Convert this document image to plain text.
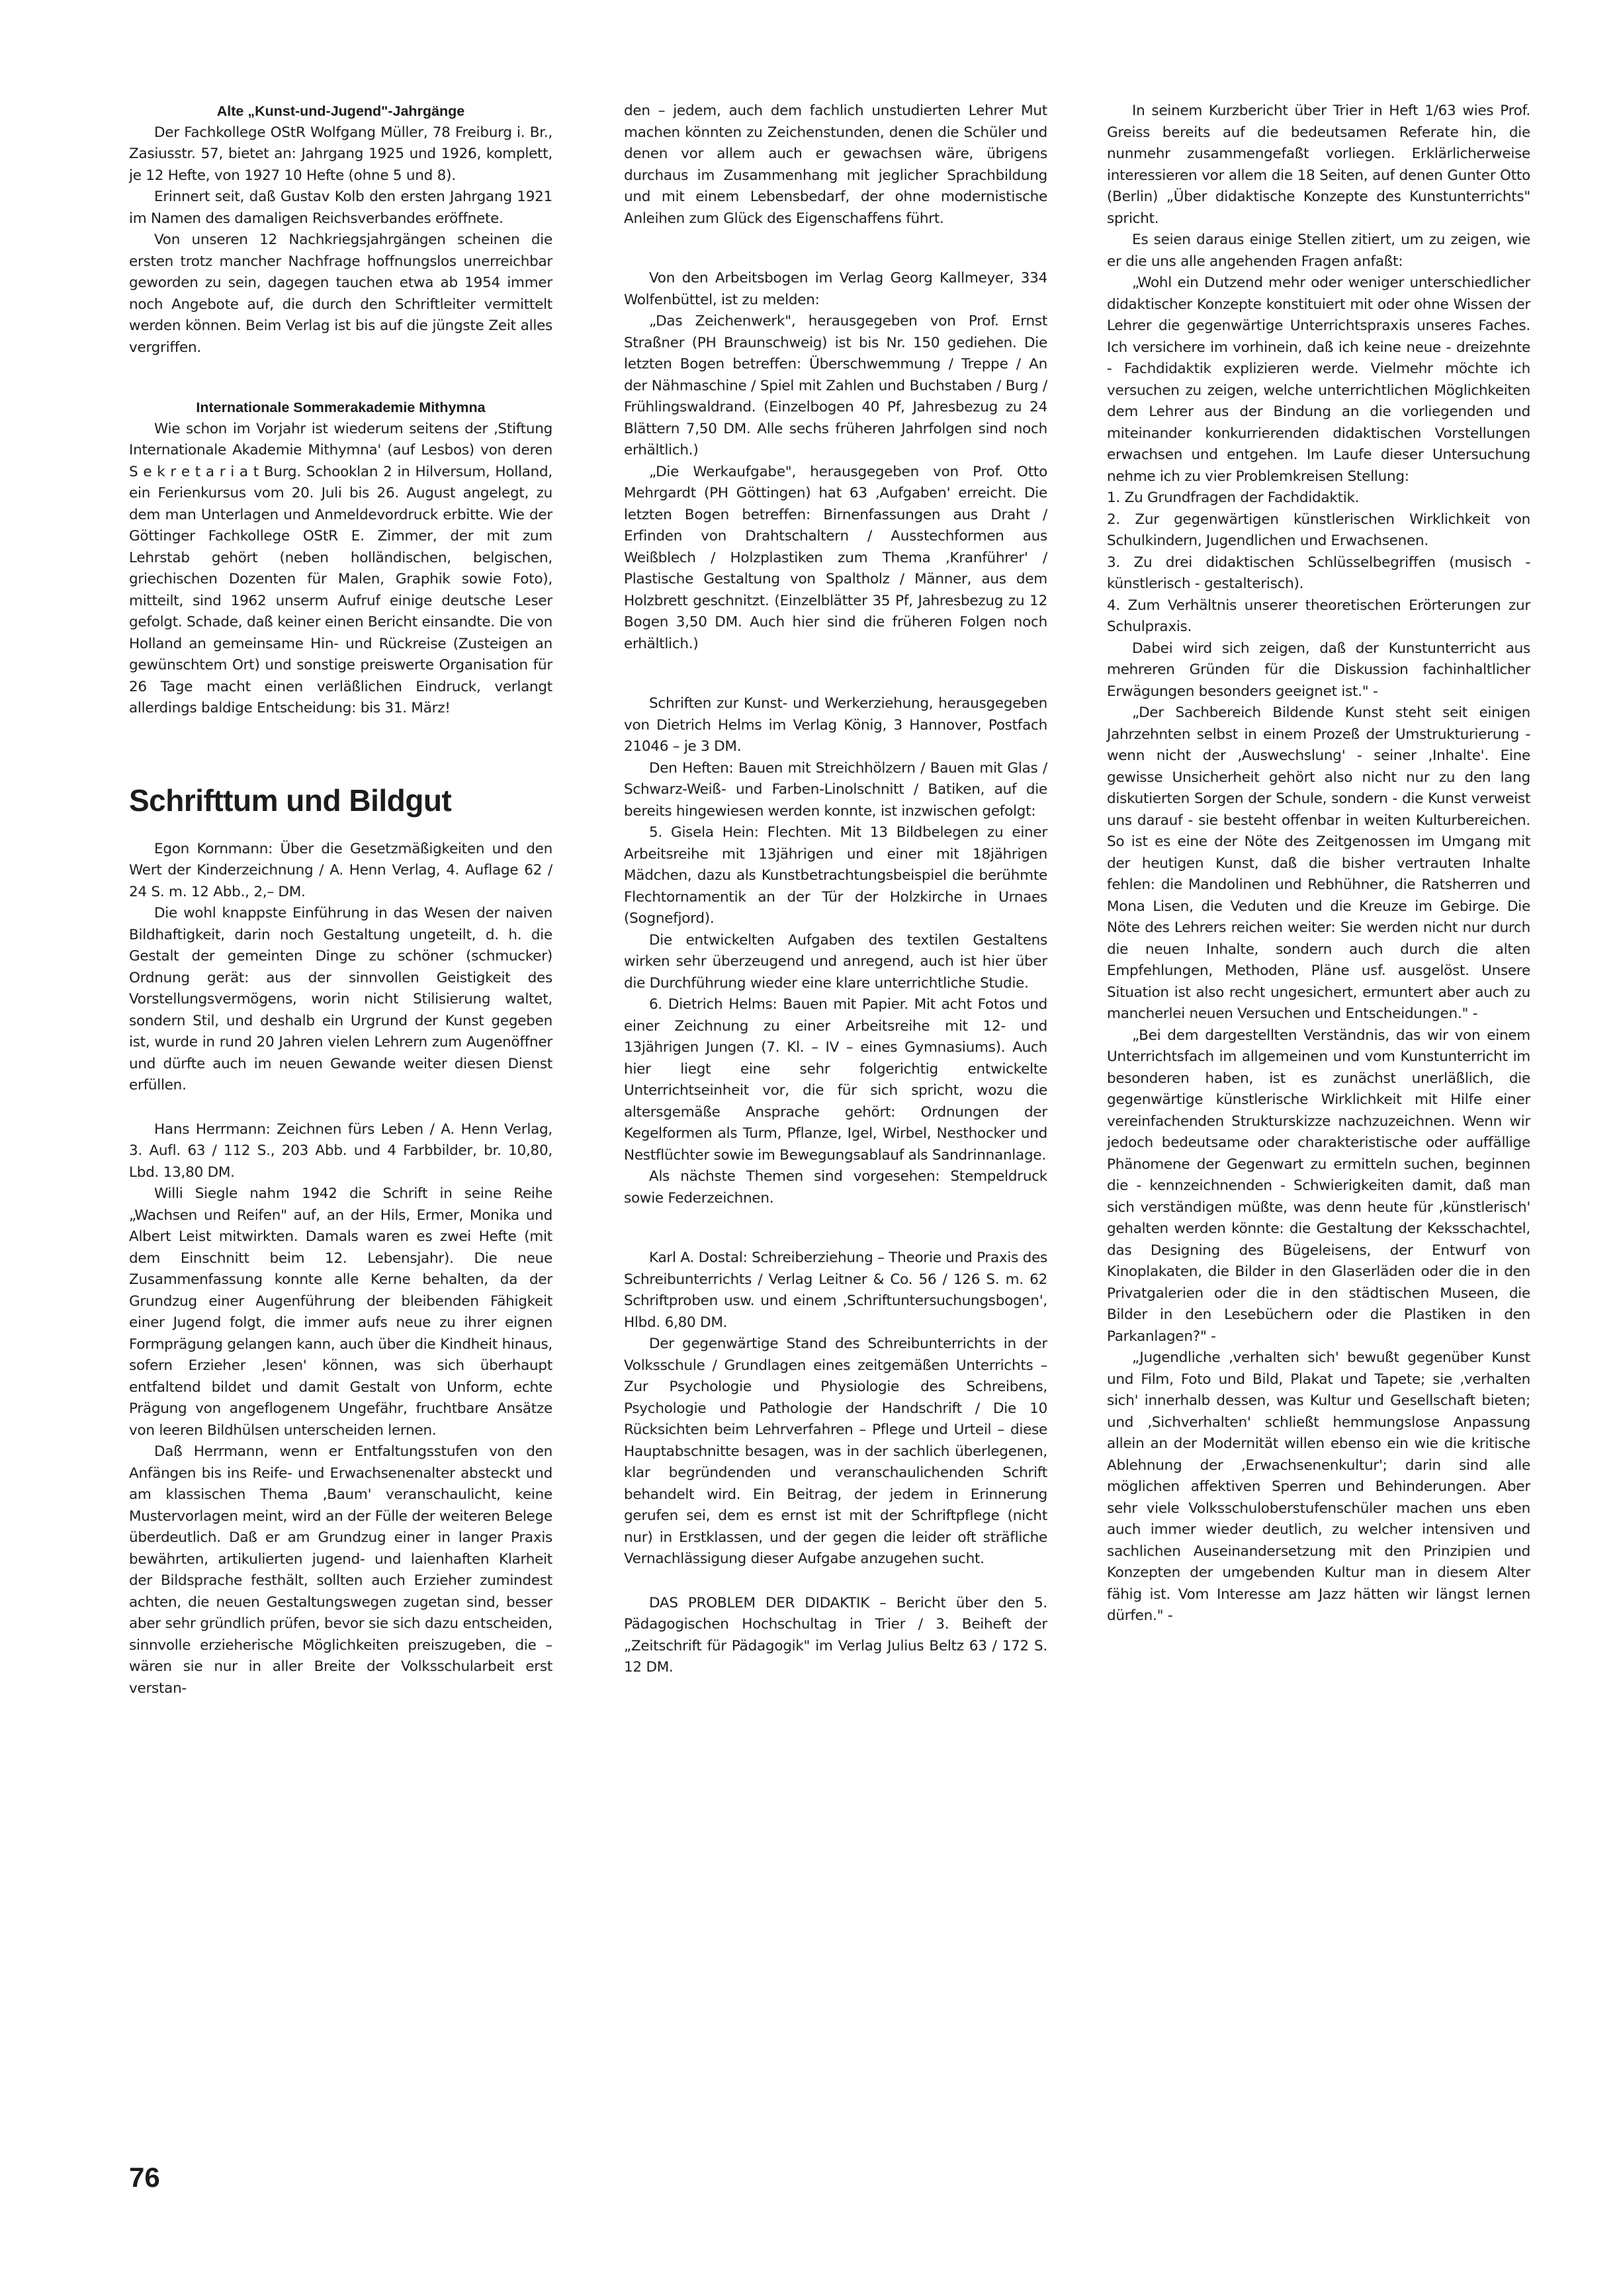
Alte „Kunst-und-Jugend"-Jahrgänge

Der Fachkollege OStR Wolfgang Müller, 78 Freiburg i. Br., Zasiusstr. 57, bietet an: Jahrgang 1925 und 1926, komplett, je 12 Hefte, von 1927 10 Hefte (ohne 5 und 8).

Erinnert seit, daß Gustav Kolb den ersten Jahrgang 1921 im Namen des damaligen Reichsverbandes eröffnete.

Von unseren 12 Nachkriegsjahrgängen scheinen die ersten trotz mancher Nachfrage hoffnungslos unerreichbar geworden zu sein, dagegen tauchen etwa ab 1954 immer noch Angebote auf, die durch den Schriftleiter vermittelt werden können. Beim Verlag ist bis auf die jüngste Zeit alles vergriffen.

Internationale Sommerakademie Mithymna

Wie schon im Vorjahr ist wiederum seitens der ‚Stiftung Internationale Akademie Mithymna' (auf Lesbos) von deren S e k r e t a r i a t Burg. Schooklan 2 in Hilversum, Holland, ein Ferienkursus vom 20. Juli bis 26. August angelegt, zu dem man Unterlagen und Anmeldevordruck erbitte. Wie der Göttinger Fachkollege OStR E. Zimmer, der mit zum Lehrstab gehört (neben holländischen, belgischen, griechischen Dozenten für Malen, Graphik sowie Foto), mitteilt, sind 1962 unserm Aufruf einige deutsche Leser gefolgt. Schade, daß keiner einen Bericht einsandte. Die von Holland an gemeinsame Hin- und Rückreise (Zusteigen an gewünschtem Ort) und sonstige preiswerte Organisation für 26 Tage macht einen verläßlichen Eindruck, verlangt allerdings baldige Entscheidung: bis 31. März!

Schrifttum und Bildgut

Egon Kornmann: Über die Gesetzmäßigkeiten und den Wert der Kinderzeichnung / A. Henn Verlag, 4. Auflage 62 / 24 S. m. 12 Abb., 2,– DM.

Die wohl knappste Einführung in das Wesen der naiven Bildhaftigkeit, darin noch Gestaltung ungeteilt, d. h. die Gestalt der gemeinten Dinge zu schöner (schmucker) Ordnung gerät: aus der sinnvollen Geistigkeit des Vorstellungsvermögens, worin nicht Stilisierung waltet, sondern Stil, und deshalb ein Urgrund der Kunst gegeben ist, wurde in rund 20 Jahren vielen Lehrern zum Augenöffner und dürfte auch im neuen Gewande weiter diesen Dienst erfüllen.

Hans Herrmann: Zeichnen fürs Leben / A. Henn Verlag, 3. Aufl. 63 / 112 S., 203 Abb. und 4 Farbbilder, br. 10,80, Lbd. 13,80 DM.

Willi Siegle nahm 1942 die Schrift in seine Reihe „Wachsen und Reifen" auf, an der Hils, Ermer, Monika und Albert Leist mitwirkten. Damals waren es zwei Hefte (mit dem Einschnitt beim 12. Lebensjahr). Die neue Zusammenfassung konnte alle Kerne behalten, da der Grundzug einer Augenführung der bleibenden Fähigkeit einer Jugend folgt, die immer aufs neue zu ihrer eignen Formprägung gelangen kann, auch über die Kindheit hinaus, sofern Erzieher ‚lesen' können, was sich überhaupt entfaltend bildet und damit Gestalt von Unform, echte Prägung von angeflogenem Ungefähr, fruchtbare Ansätze von leeren Bildhülsen unterscheiden lernen.

Daß Herrmann, wenn er Entfaltungsstufen von den Anfängen bis ins Reife- und Erwachsenenalter absteckt und am klassischen Thema ‚Baum' veranschaulicht, keine Mustervorlagen meint, wird an der Fülle der weiteren Belege überdeutlich. Daß er am Grundzug einer in langer Praxis bewährten, artikulierten jugend- und laienhaften Klarheit der Bildsprache festhält, sollten auch Erzieher zumindest achten, die neuen Gestaltungswegen zugetan sind, besser aber sehr gründlich prüfen, bevor sie sich dazu entscheiden, sinnvolle erzieherische Möglichkeiten preiszugeben, die – wären sie nur in aller Breite der Volksschularbeit erst verstan-

den – jedem, auch dem fachlich unstudierten Lehrer Mut machen könnten zu Zeichenstunden, denen die Schüler und denen vor allem auch er gewachsen wäre, übrigens durchaus im Zusammenhang mit jeglicher Sprachbildung und mit einem Lebensbedarf, der ohne modernistische Anleihen zum Glück des Eigenschaffens führt.

Von den Arbeitsbogen im Verlag Georg Kallmeyer, 334 Wolfenbüttel, ist zu melden:

„Das Zeichenwerk", herausgegeben von Prof. Ernst Straßner (PH Braunschweig) ist bis Nr. 150 gediehen. Die letzten Bogen betreffen: Überschwemmung / Treppe / An der Nähmaschine / Spiel mit Zahlen und Buchstaben / Burg / Frühlingswaldrand. (Einzelbogen 40 Pf, Jahresbezug zu 24 Blättern 7,50 DM. Alle sechs früheren Jahrfolgen sind noch erhältlich.)

„Die Werkaufgabe", herausgegeben von Prof. Otto Mehrgardt (PH Göttingen) hat 63 ‚Aufgaben' erreicht. Die letzten Bogen betreffen: Birnenfassungen aus Draht / Erfinden von Drahtschaltern / Ausstechformen aus Weißblech / Holzplastiken zum Thema ‚Kranführer' / Plastische Gestaltung von Spaltholz / Männer, aus dem Holzbrett geschnitzt. (Einzelblätter 35 Pf, Jahresbezug zu 12 Bogen 3,50 DM. Auch hier sind die früheren Folgen noch erhältlich.)

Schriften zur Kunst- und Werkerziehung, herausgegeben von Dietrich Helms im Verlag König, 3 Hannover, Postfach 21046 – je 3 DM.

Den Heften: Bauen mit Streichhölzern / Bauen mit Glas / Schwarz-Weiß- und Farben-Linolschnitt / Batiken, auf die bereits hingewiesen werden konnte, ist inzwischen gefolgt:

5. Gisela Hein: Flechten. Mit 13 Bildbelegen zu einer Arbeitsreihe mit 13jährigen und einer mit 18jährigen Mädchen, dazu als Kunstbetrachtungsbeispiel die berühmte Flechtornamentik an der Tür der Holzkirche in Urnaes (Sognefjord).

Die entwickelten Aufgaben des textilen Gestaltens wirken sehr überzeugend und anregend, auch ist hier über die Durchführung wieder eine klare unterrichtliche Studie.

6. Dietrich Helms: Bauen mit Papier. Mit acht Fotos und einer Zeichnung zu einer Arbeitsreihe mit 12- und 13jährigen Jungen (7. Kl. – IV – eines Gymnasiums). Auch hier liegt eine sehr folgerichtig entwickelte Unterrichtseinheit vor, die für sich spricht, wozu die altersgemäße Ansprache gehört: Ordnungen der Kegelformen als Turm, Pflanze, Igel, Wirbel, Nesthocker und Nestflüchter sowie im Bewegungsablauf als Sandrinnanlage.

Als nächste Themen sind vorgesehen: Stempeldruck sowie Federzeichnen.

Karl A. Dostal: Schreiberziehung – Theorie und Praxis des Schreibunterrichts / Verlag Leitner & Co. 56 / 126 S. m. 62 Schriftproben usw. und einem ‚Schriftuntersuchungsbogen', Hlbd. 6,80 DM.

Der gegenwärtige Stand des Schreibunterrichts in der Volksschule / Grundlagen eines zeitgemäßen Unterrichts – Zur Psychologie und Physiologie des Schreibens, Psychologie und Pathologie der Handschrift / Die 10 Rücksichten beim Lehrverfahren – Pflege und Urteil – diese Hauptabschnitte besagen, was in der sachlich überlegenen, klar begründenden und veranschaulichenden Schrift behandelt wird. Ein Beitrag, der jedem in Erinnerung gerufen sei, dem es ernst ist mit der Schriftpflege (nicht nur) in Erstklassen, und der gegen die leider oft sträfliche Vernachlässigung dieser Aufgabe anzugehen sucht.

DAS PROBLEM DER DIDAKTIK – Bericht über den 5. Pädagogischen Hochschultag in Trier / 3. Beiheft der „Zeitschrift für Pädagogik" im Verlag Julius Beltz 63 / 172 S. 12 DM.

In seinem Kurzbericht über Trier in Heft 1/63 wies Prof. Greiss bereits auf die bedeutsamen Referate hin, die nunmehr zusammengefaßt vorliegen. Erklärlicherweise interessieren vor allem die 18 Seiten, auf denen Gunter Otto (Berlin) „Über didaktische Konzepte des Kunstunterrichts" spricht.

Es seien daraus einige Stellen zitiert, um zu zeigen, wie er die uns alle angehenden Fragen anfaßt:

„Wohl ein Dutzend mehr oder weniger unterschiedlicher didaktischer Konzepte konstituiert mit oder ohne Wissen der Lehrer die gegenwärtige Unterrichtspraxis unseres Faches. Ich versichere im vorhinein, daß ich keine neue - dreizehnte - Fachdidaktik explizieren werde. Vielmehr möchte ich versuchen zu zeigen, welche unterrichtlichen Möglichkeiten dem Lehrer aus der Bindung an die vorliegenden und miteinander konkurrierenden didaktischen Vorstellungen erwachsen und entgehen. Im Laufe dieser Untersuchung nehme ich zu vier Problemkreisen Stellung:

1. Zu Grundfragen der Fachdidaktik.

2. Zur gegenwärtigen künstlerischen Wirklichkeit von Schulkindern, Jugendlichen und Erwachsenen.

3. Zu drei didaktischen Schlüsselbegriffen (musisch - künstlerisch - gestalterisch).

4. Zum Verhältnis unserer theoretischen Erörterungen zur Schulpraxis.

Dabei wird sich zeigen, daß der Kunstunterricht aus mehreren Gründen für die Diskussion fachinhaltlicher Erwägungen besonders geeignet ist." -

„Der Sachbereich Bildende Kunst steht seit einigen Jahrzehnten selbst in einem Prozeß der Umstrukturierung - wenn nicht der ‚Auswechslung' - seiner ‚Inhalte'. Eine gewisse Unsicherheit gehört also nicht nur zu den lang diskutierten Sorgen der Schule, sondern - die Kunst verweist uns darauf - sie besteht offenbar in weiten Kulturbereichen. So ist es eine der Nöte des Zeitgenossen im Umgang mit der heutigen Kunst, daß die bisher vertrauten Inhalte fehlen: die Mandolinen und Rebhühner, die Ratsherren und Mona Lisen, die Veduten und die Kreuze im Gebirge. Die Nöte des Lehrers reichen weiter: Sie werden nicht nur durch die neuen Inhalte, sondern auch durch die alten Empfehlungen, Methoden, Pläne usf. ausgelöst. Unsere Situation ist also recht ungesichert, ermuntert aber auch zu mancherlei neuen Versuchen und Entscheidungen." -

„Bei dem dargestellten Verständnis, das wir von einem Unterrichtsfach im allgemeinen und vom Kunstunterricht im besonderen haben, ist es zunächst unerläßlich, die gegenwärtige künstlerische Wirklichkeit mit Hilfe einer vereinfachenden Strukturskizze nachzuzeichnen. Wenn wir jedoch bedeutsame oder charakteristische oder auffällige Phänomene der Gegenwart zu ermitteln suchen, beginnen die - kennzeichnenden - Schwierigkeiten damit, daß man sich verständigen müßte, was denn heute für ‚künstlerisch' gehalten werden könnte: die Gestaltung der Keksschachtel, das Designing des Bügeleisens, der Entwurf von Kinoplakaten, die Bilder in den Glaserläden oder die in den Privatgalerien oder die in den städtischen Museen, die Bilder in den Lesebüchern oder die Plastiken in den Parkanlagen?" -

„Jugendliche ‚verhalten sich' bewußt gegenüber Kunst und Film, Foto und Bild, Plakat und Tapete; sie ‚verhalten sich' innerhalb dessen, was Kultur und Gesellschaft bieten; und ‚Sichverhalten' schließt hemmungslose Anpassung allein an der Modernität willen ebenso ein wie die kritische Ablehnung der ‚Erwachsenenkultur'; darin sind alle möglichen affektiven Sperren und Behinderungen. Aber sehr viele Volksschuloberstufenschüler machen uns eben auch immer wieder deutlich, zu welcher intensiven und sachlichen Auseinandersetzung mit den Prinzipien und Konzepten der umgebenden Kultur man in diesem Alter fähig ist. Vom Interesse am Jazz hätten wir längst lernen dürfen." -

76
